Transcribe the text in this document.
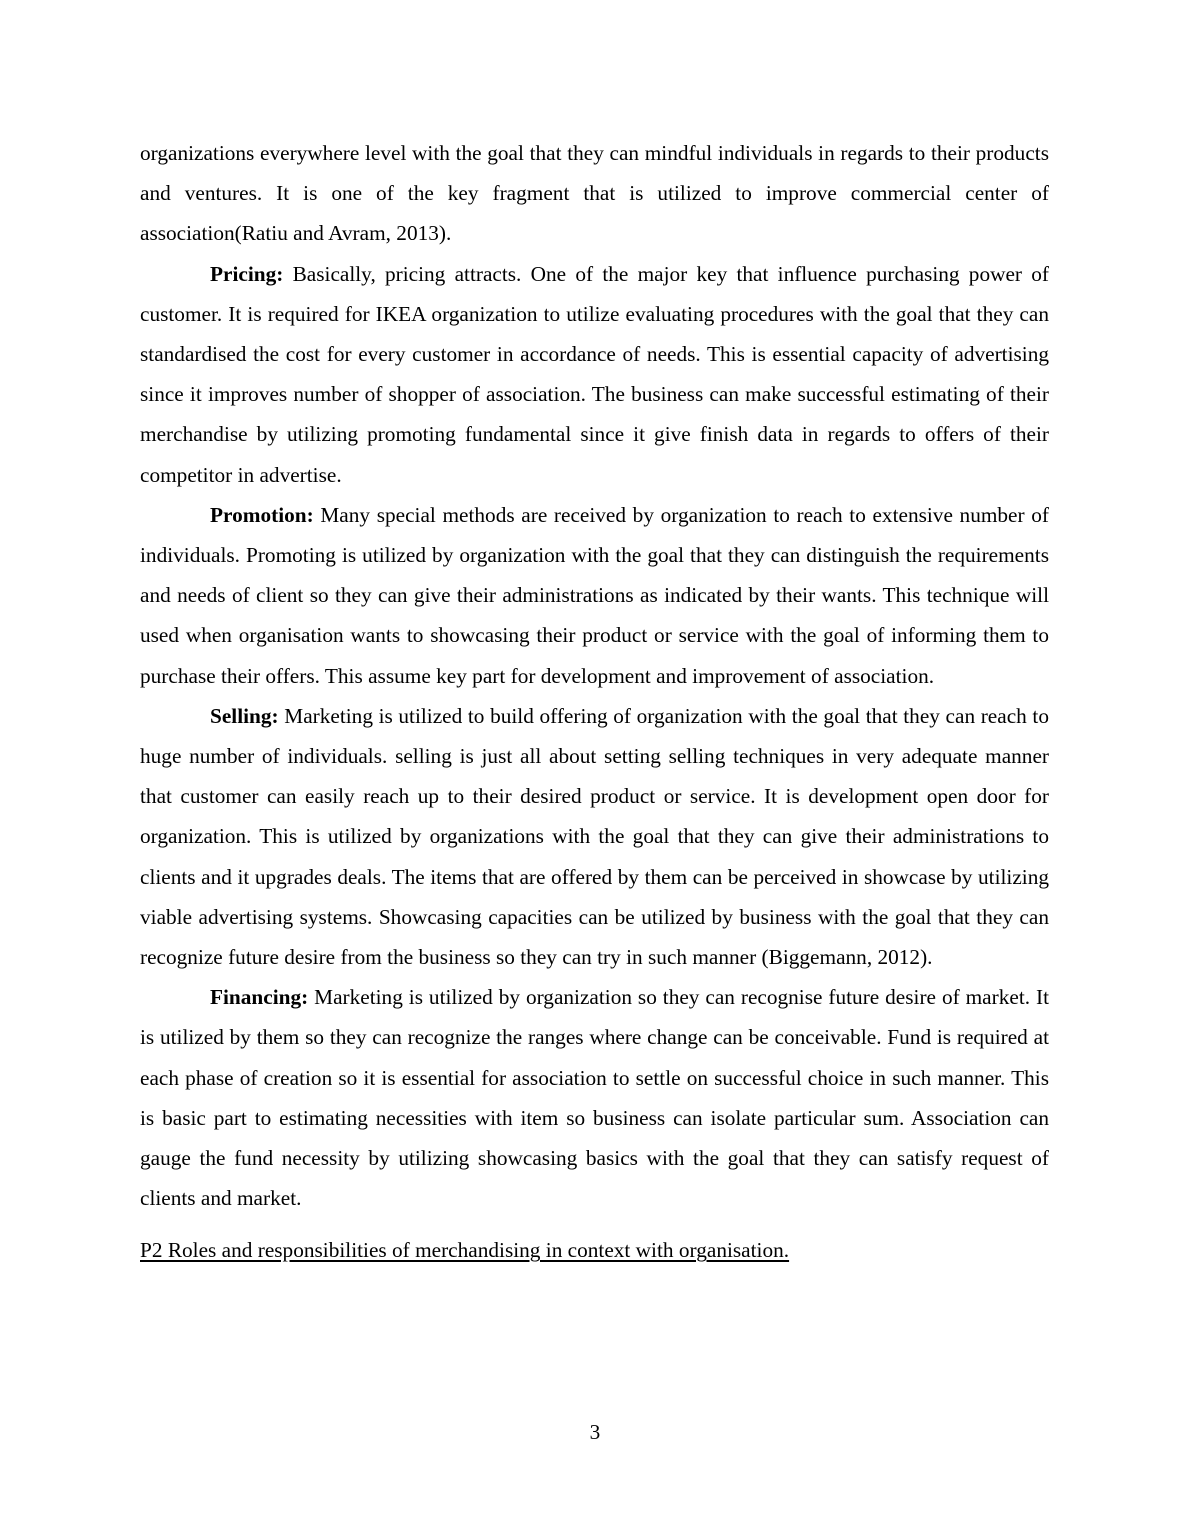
organizations everywhere level with the goal that they can mindful individuals in regards to their products and ventures. It is one of the key fragment that is utilized to improve commercial center of association(Ratiu and Avram, 2013).

Pricing: Basically, pricing attracts. One of the major key that influence purchasing power of customer. It is required for IKEA organization to utilize evaluating procedures with the goal that they can standardised the cost for every customer in accordance of needs. This is essential capacity of advertising since it improves number of shopper of association. The business can make successful estimating of their merchandise by utilizing promoting fundamental since it give finish data in regards to offers of their competitor in advertise.

Promotion: Many special methods are received by organization to reach to extensive number of individuals. Promoting is utilized by organization with the goal that they can distinguish the requirements and needs of client so they can give their administrations as indicated by their wants. This technique will used when organisation wants to showcasing their product or service with the goal of informing them to purchase their offers. This assume key part for development and improvement of association.

Selling: Marketing is utilized to build offering of organization with the goal that they can reach to huge number of individuals. selling is just all about setting selling techniques in very adequate manner that customer can easily reach up to their desired product or service. It is development open door for organization. This is utilized by organizations with the goal that they can give their administrations to clients and it upgrades deals. The items that are offered by them can be perceived in showcase by utilizing viable advertising systems. Showcasing capacities can be utilized by business with the goal that they can recognize future desire from the business so they can try in such manner (Biggemann, 2012).

Financing: Marketing is utilized by organization so they can recognise future desire of market. It is utilized by them so they can recognize the ranges where change can be conceivable. Fund is required at each phase of creation so it is essential for association to settle on successful choice in such manner. This is basic part to estimating necessities with item so business can isolate particular sum. Association can gauge the fund necessity by utilizing showcasing basics with the goal that they can satisfy request of clients and market.

P2 Roles and responsibilities of merchandising in context with organisation.

3
